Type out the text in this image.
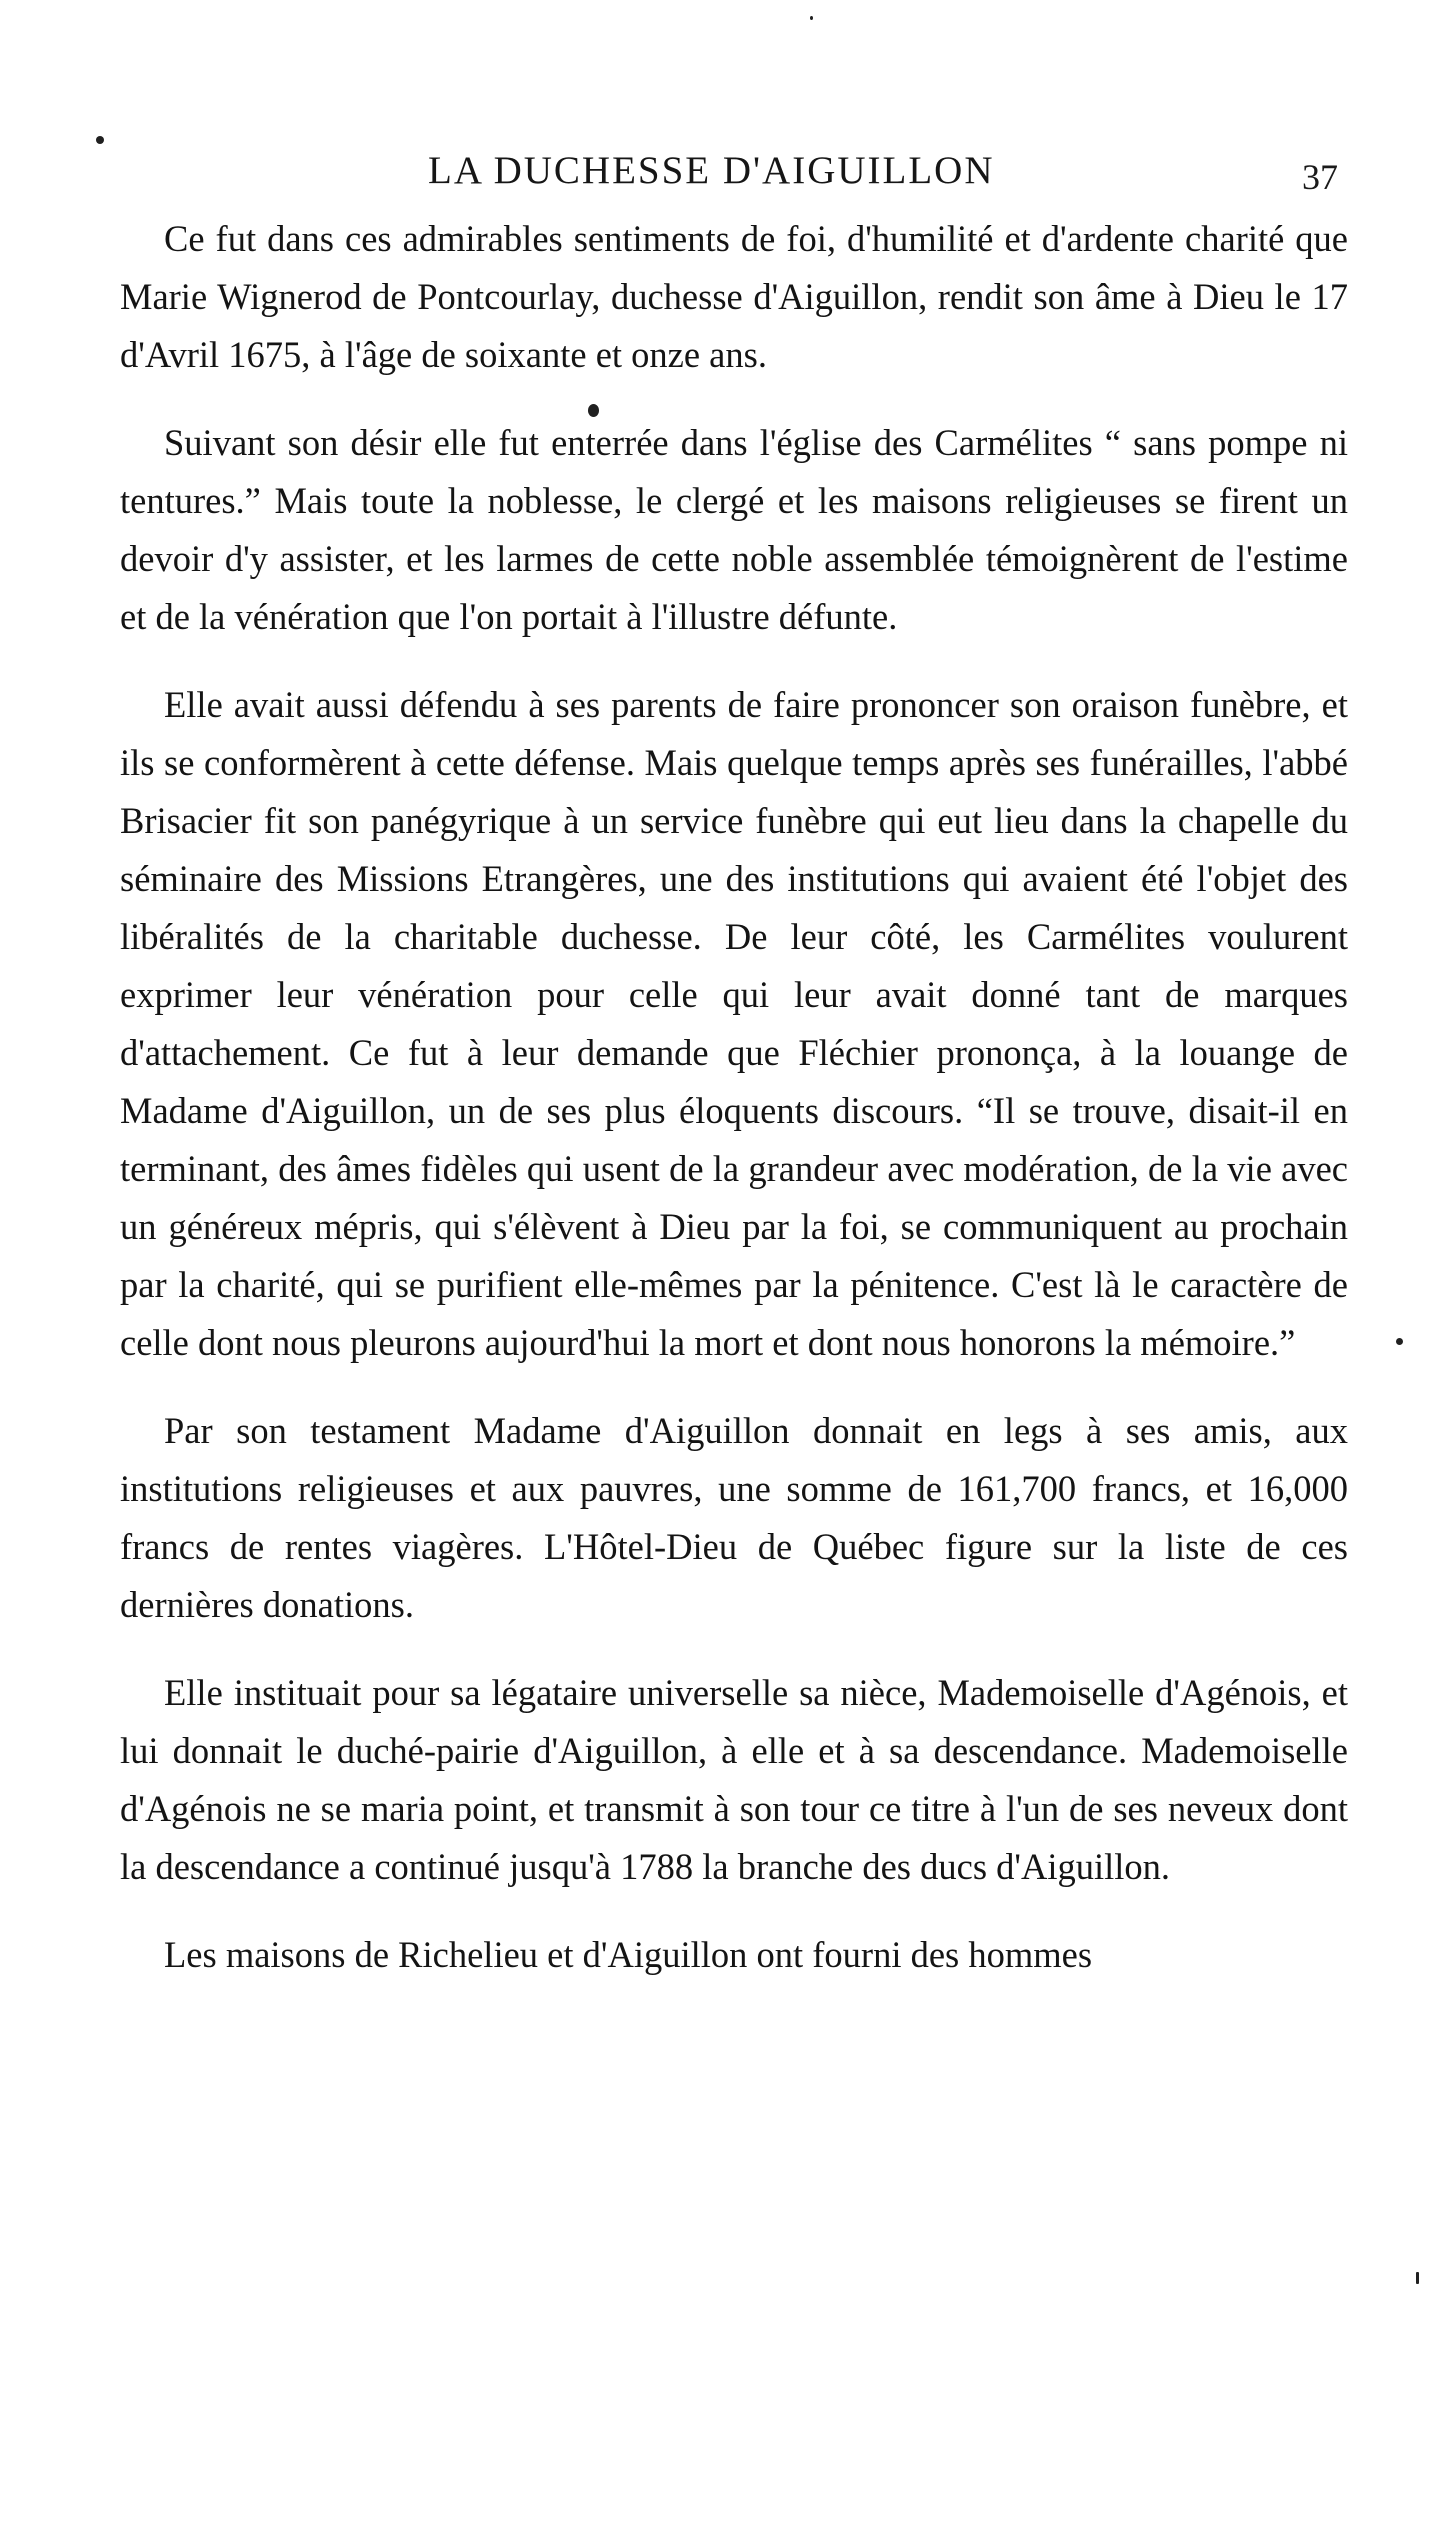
LA DUCHESSE D'AIGUILLON	37

Ce fut dans ces admirables sentiments de foi, d'humilité et d'ardente charité que Marie Wignerod de Pontcourlay, duchesse d'Aiguillon, rendit son âme à Dieu le 17 d'Avril 1675, à l'âge de soixante et onze ans.

Suivant son désir elle fut enterrée dans l'église des Carmélites “ sans pompe ni tentures.” Mais toute la noblesse, le clergé et les maisons religieuses se firent un devoir d'y assister, et les larmes de cette noble assemblée témoignèrent de l'estime et de la vénération que l'on portait à l'illustre défunte.

Elle avait aussi défendu à ses parents de faire prononcer son oraison funèbre, et ils se conformèrent à cette défense. Mais quelque temps après ses funérailles, l'abbé Brisacier fit son panégyrique à un service funèbre qui eut lieu dans la chapelle du séminaire des Missions Etrangères, une des institutions qui avaient été l'objet des libéralités de la charitable duchesse. De leur côté, les Carmélites voulurent exprimer leur vénération pour celle qui leur avait donné tant de marques d'attachement. Ce fut à leur demande que Fléchier prononça, à la louange de Madame d'Aiguillon, un de ses plus éloquents discours. “Il se trouve, disait-il en terminant, des âmes fidèles qui usent de la grandeur avec modération, de la vie avec un généreux mépris, qui s'élèvent à Dieu par la foi, se communiquent au prochain par la charité, qui se purifient elle-mêmes par la pénitence. C'est là le caractère de celle dont nous pleurons aujourd'hui la mort et dont nous honorons la mémoire.”

Par son testament Madame d'Aiguillon donnait en legs à ses amis, aux institutions religieuses et aux pauvres, une somme de 161,700 francs, et 16,000 francs de rentes viagères. L'Hôtel-Dieu de Québec figure sur la liste de ces dernières donations.

Elle instituait pour sa légataire universelle sa nièce, Mademoiselle d'Agénois, et lui donnait le duché-pairie d'Aiguillon, à elle et à sa descendance. Mademoiselle d'Agénois ne se maria point, et transmit à son tour ce titre à l'un de ses neveux dont la descendance a continué jusqu'à 1788 la branche des ducs d'Aiguillon.

Les maisons de Richelieu et d'Aiguillon ont fourni des hommes
